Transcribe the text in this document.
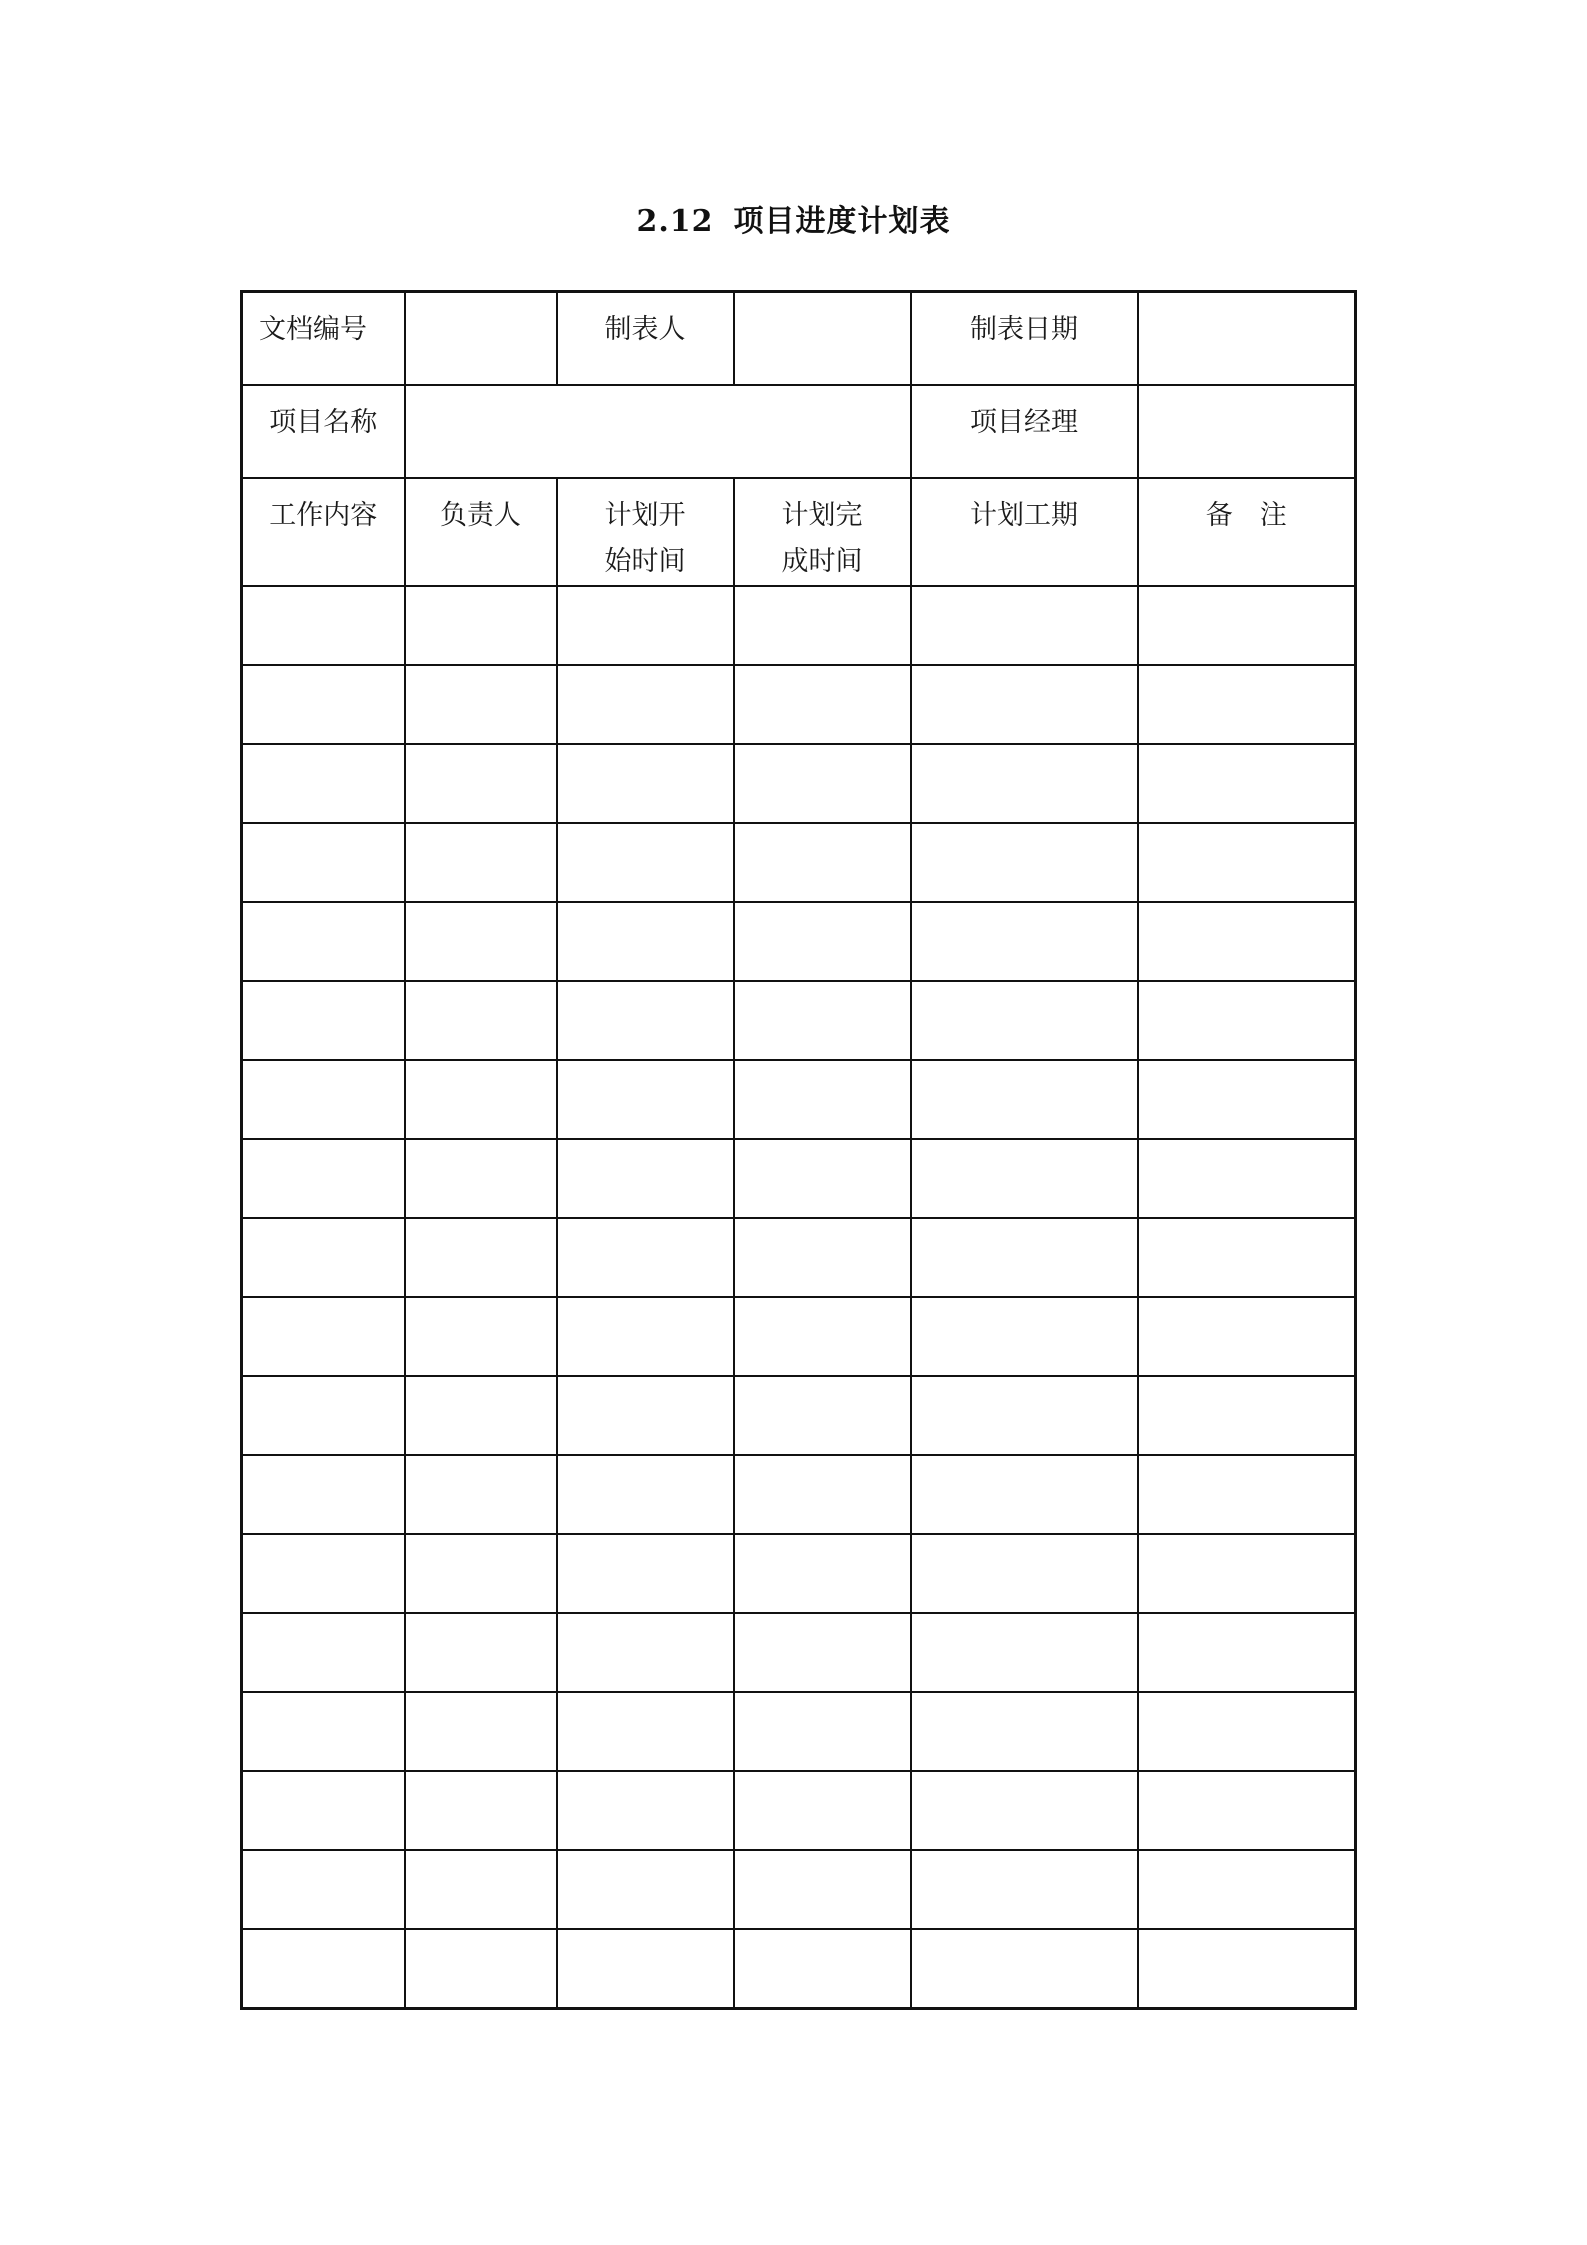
2.12 项目进度计划表
文档编号		制表人		制表日期	
项目名称				项目经理	
工作内容	负责人	计划开始时间	计划完成时间	计划工期	备　注
